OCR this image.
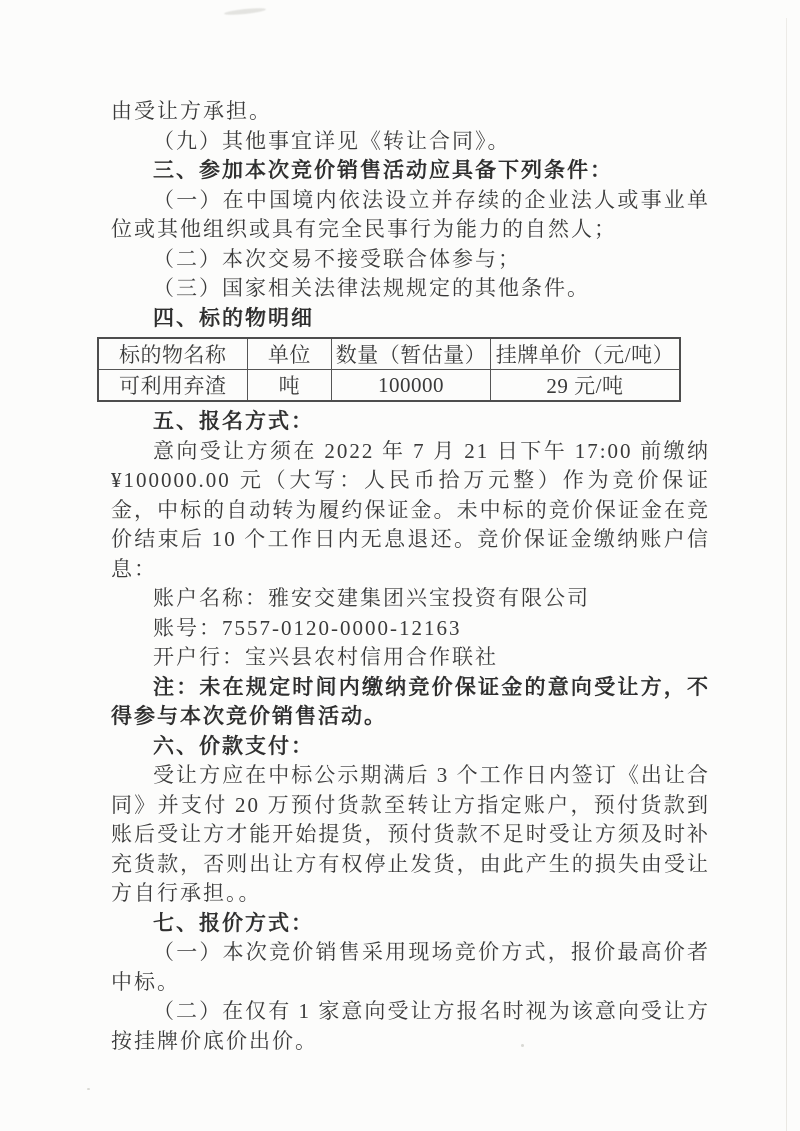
由受让方承担。

（九）其他事宜详见《转让合同》。

三、参加本次竞价销售活动应具备下列条件：

（一）在中国境内依法设立并存续的企业法人或事业单位或其他组织或具有完全民事行为能力的自然人；

（二）本次交易不接受联合体参与；

（三）国家相关法律法规规定的其他条件。

四、标的物明细

标的物名称	单位	数量（暂估量）	挂牌单价（元/吨）
可利用弃渣	吨	100000	29 元/吨

五、报名方式：

意向受让方须在 2022 年 7 月 21 日下午 17:00 前缴纳 ¥100000.00 元（大写：人民币拾万元整）作为竞价保证金，中标的自动转为履约保证金。未中标的竞价保证金在竞价结束后 10 个工作日内无息退还。竞价保证金缴纳账户信息：

账户名称：雅安交建集团兴宝投资有限公司

账号：7557-0120-0000-12163

开户行：宝兴县农村信用合作联社

注：未在规定时间内缴纳竞价保证金的意向受让方，不得参与本次竞价销售活动。

六、价款支付：

受让方应在中标公示期满后 3 个工作日内签订《出让合同》并支付 20 万预付货款至转让方指定账户，预付货款到账后受让方才能开始提货，预付货款不足时受让方须及时补充货款，否则出让方有权停止发货，由此产生的损失由受让方自行承担。。

七、报价方式：

（一）本次竞价销售采用现场竞价方式，报价最高价者中标。

（二）在仅有 1 家意向受让方报名时视为该意向受让方按挂牌价底价出价。
